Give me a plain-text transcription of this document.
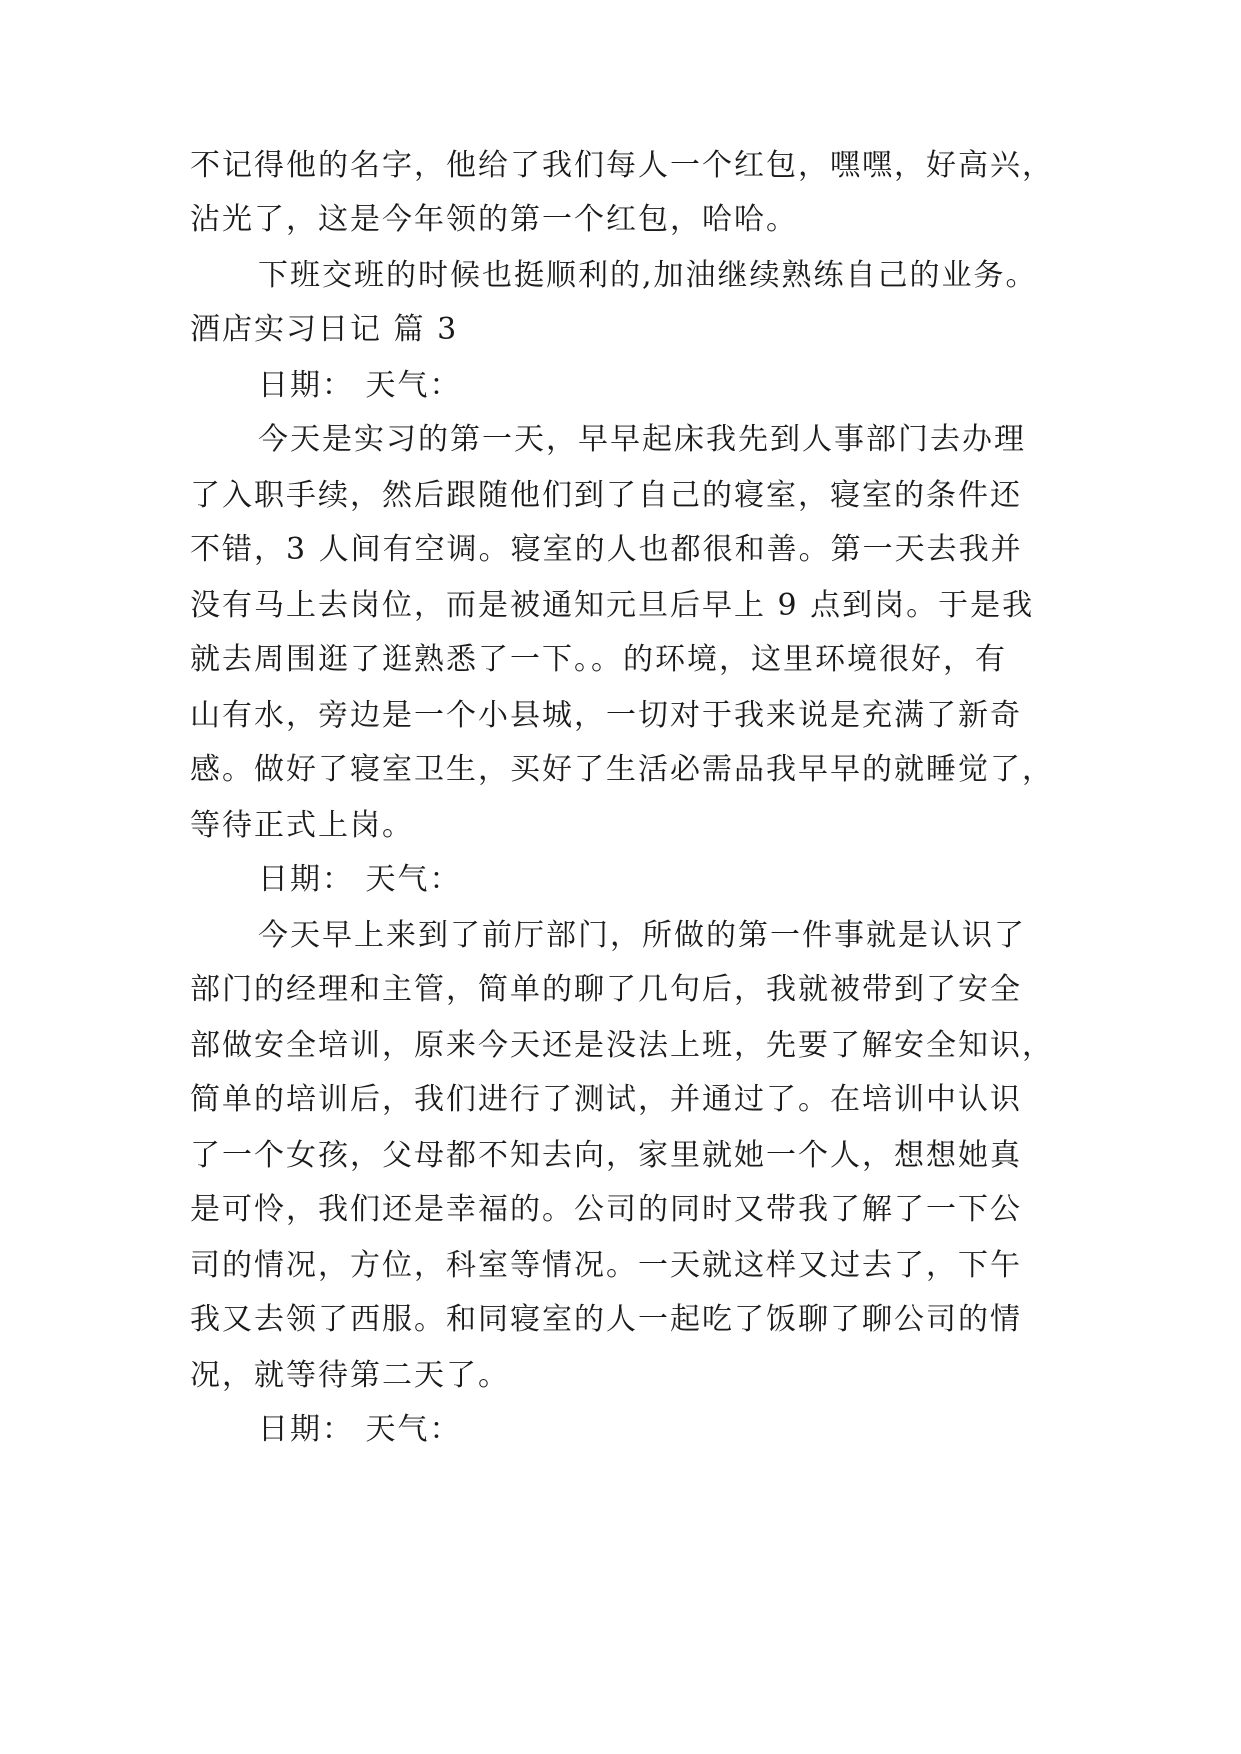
不记得他的名字，他给了我们每人一个红包，嘿嘿，好高兴，
沾光了，这是今年领的第一个红包，哈哈。
下班交班的时候也挺顺利的,加油继续熟练自己的业务。
酒店实习日记 篇 3
日期： 天气：
今天是实习的第一天，早早起床我先到人事部门去办理
了入职手续，然后跟随他们到了自己的寝室，寝室的条件还
不错，3 人间有空调。寝室的人也都很和善。第一天去我并
没有马上去岗位，而是被通知元旦后早上 9 点到岗。于是我
就去周围逛了逛熟悉了一下。。的环境，这里环境很好，有
山有水，旁边是一个小县城，一切对于我来说是充满了新奇
感。做好了寝室卫生，买好了生活必需品我早早的就睡觉了，
等待正式上岗。
日期： 天气：
今天早上来到了前厅部门，所做的第一件事就是认识了
部门的经理和主管，简单的聊了几句后，我就被带到了安全
部做安全培训，原来今天还是没法上班，先要了解安全知识，
简单的培训后，我们进行了测试，并通过了。在培训中认识
了一个女孩，父母都不知去向，家里就她一个人，想想她真
是可怜，我们还是幸福的。公司的同时又带我了解了一下公
司的情况，方位，科室等情况。一天就这样又过去了，下午
我又去领了西服。和同寝室的人一起吃了饭聊了聊公司的情
况，就等待第二天了。
日期： 天气：
